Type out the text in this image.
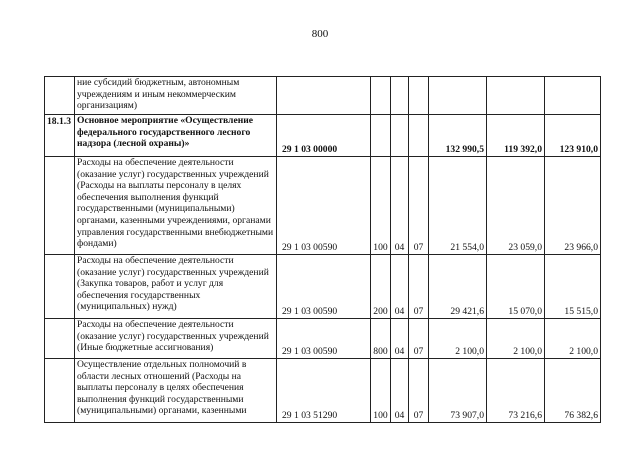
800
	ние субсидий бюджетным, автономным учреждениям и иным некоммерческим организациям)							
18.1.3	Основное мероприятие «Осуществление федерального государственного лесного надзора (лесной охраны)»	29 1 03 00000				132 990,5	119 392,0	123 910,0
	Расходы на обеспечение деятельности (оказание услуг) государственных учреждений (Расходы на выплаты персоналу в целях обеспечения выполнения функций государственными (муниципальными) органами, казенными учреждениями, органами управления государственными внебюджетными фондами)	29 1 03 00590	100	04	07	21 554,0	23 059,0	23 966,0
	Расходы на обеспечение деятельности (оказание услуг) государственных учреждений (Закупка товаров, работ и услуг для обеспечения государственных (муниципальных) нужд)	29 1 03 00590	200	04	07	29 421,6	15 070,0	15 515,0
	Расходы на обеспечение деятельности (оказание услуг) государственных учреждений (Иные бюджетные ассигнования)	29 1 03 00590	800	04	07	2 100,0	2 100,0	2 100,0
	Осуществление отдельных полномочий в области лесных отношений (Расходы на выплаты персоналу в целях обеспечения выполнения функций государственными (муниципальными) органами, казенными	29 1 03 51290	100	04	07	73 907,0	73 216,6	76 382,6
